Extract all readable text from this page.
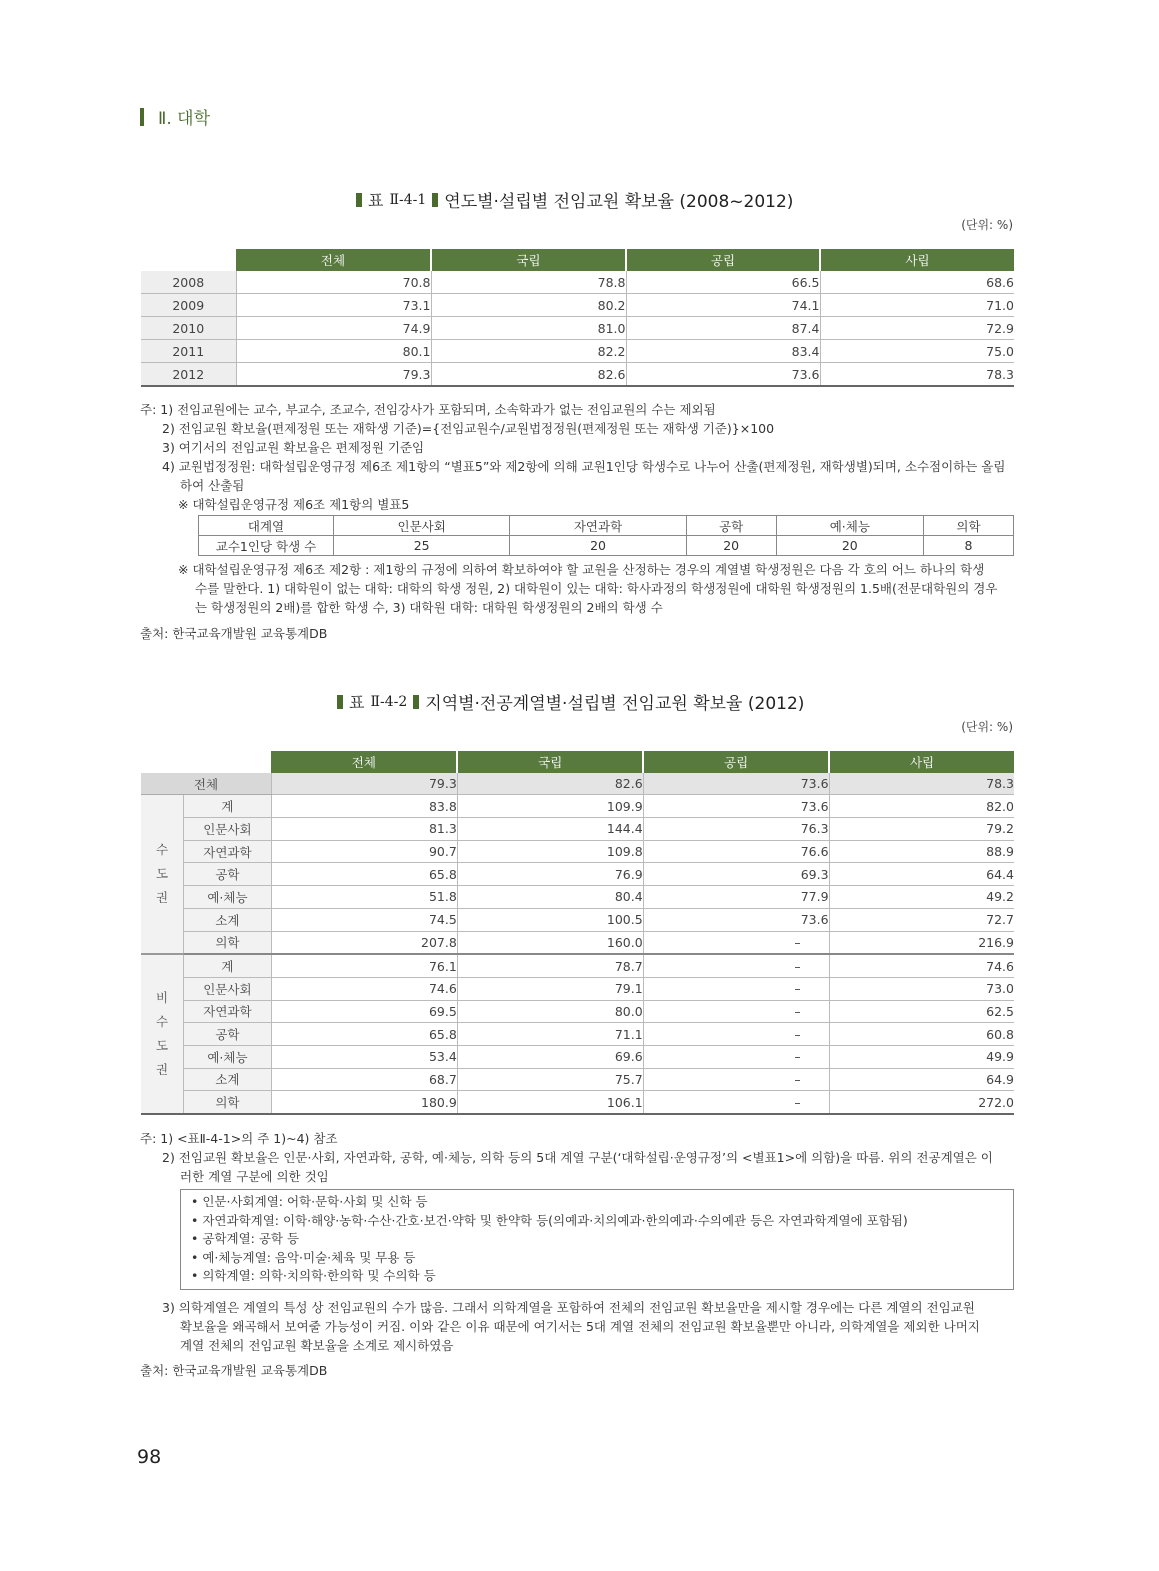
Ⅱ. 대학
표 Ⅱ-4-1 연도별·설립별 전임교원 확보율 (2008~2012)
(단위: %)
	전체	국립	공립	사립
2008	70.8	78.8	66.5	68.6
2009	73.1	80.2	74.1	71.0
2010	74.9	81.0	87.4	72.9
2011	80.1	82.2	83.4	75.0
2012	79.3	82.6	73.6	78.3
주: 1) 전임교원에는 교수, 부교수, 조교수, 전임강사가 포함되며, 소속학과가 없는 전임교원의 수는 제외됨
2) 전임교원 확보율(편제정원 또는 재학생 기준)={전임교원수/교원법정정원(편제정원 또는 재학생 기준)}×100
3) 여기서의 전임교원 확보율은 편제정원 기준임
4) 교원법정정원: 대학설립운영규정 제6조 제1항의 “별표5”와 제2항에 의해 교원1인당 학생수로 나누어 산출(편제정원, 재학생별)되며, 소수점이하는 올림
하여 산출됨
※ 대학설립운영규정 제6조 제1항의 별표5
대계열	인문사회	자연과학	공학	예·체능	의학
교수1인당 학생 수	25	20	20	20	8
※ 대학설립운영규정 제6조 제2항 : 제1항의 규정에 의하여 확보하여야 할 교원을 산정하는 경우의 계열별 학생정원은 다음 각 호의 어느 하나의 학생
수를 말한다. 1) 대학원이 없는 대학: 대학의 학생 정원, 2) 대학원이 있는 대학: 학사과정의 학생정원에 대학원 학생정원의 1.5배(전문대학원의 경우
는 학생정원의 2배)를 합한 학생 수, 3) 대학원 대학: 대학원 학생정원의 2배의 학생 수
출처: 한국교육개발원 교육통계DB
표 Ⅱ-4-2 지역별·전공계열별·설립별 전임교원 확보율 (2012)
(단위: %)
		전체	국립	공립	사립
전체		79.3	82.6	73.6	78.3

수
도
권	계	83.8	109.9	73.6	82.0
	인문사회	81.3	144.4	76.3	79.2
	자연과학	90.7	109.8	76.6	88.9
	공학	65.8	76.9	69.3	64.4
	예·체능	51.8	80.4	77.9	49.2
	소계	74.5	100.5	73.6	72.7
	의학	207.8	160.0	–	216.9

비
수
도
권	계	76.1	78.7	–	74.6
	인문사회	74.6	79.1	–	73.0
	자연과학	69.5	80.0	–	62.5
	공학	65.8	71.1	–	60.8
	예·체능	53.4	69.6	–	49.9
	소계	68.7	75.7	–	64.9
	의학	180.9	106.1	–	272.0
주: 1) <표Ⅱ-4-1>의 주 1)~4) 참조
2) 전임교원 확보율은 인문·사회, 자연과학, 공학, 예·체능, 의학 등의 5대 계열 구분(‘대학설립·운영규정’의 <별표1>에 의함)을 따름. 위의 전공계열은 이
러한 계열 구분에 의한 것임
• 인문·사회계열: 어학·문학·사회 및 신학 등
• 자연과학계열: 이학·해양·농학·수산·간호·보건·약학 및 한약학 등(의예과·치의예과·한의예과·수의예관 등은 자연과학계열에 포함됨)
• 공학계열: 공학 등
• 예·체능계열: 음악·미술·체육 및 무용 등
• 의학계열: 의학·치의학·한의학 및 수의학 등
3) 의학계열은 계열의 특성 상 전임교원의 수가 많음. 그래서 의학계열을 포함하여 전체의 전임교원 확보율만을 제시할 경우에는 다른 계열의 전임교원
확보율을 왜곡해서 보여줄 가능성이 커짐. 이와 같은 이유 때문에 여기서는 5대 계열 전체의 전임교원 확보율뿐만 아니라, 의학계열을 제외한 나머지
계열 전체의 전임교원 확보율을 소계로 제시하였음
출처: 한국교육개발원 교육통계DB
98
